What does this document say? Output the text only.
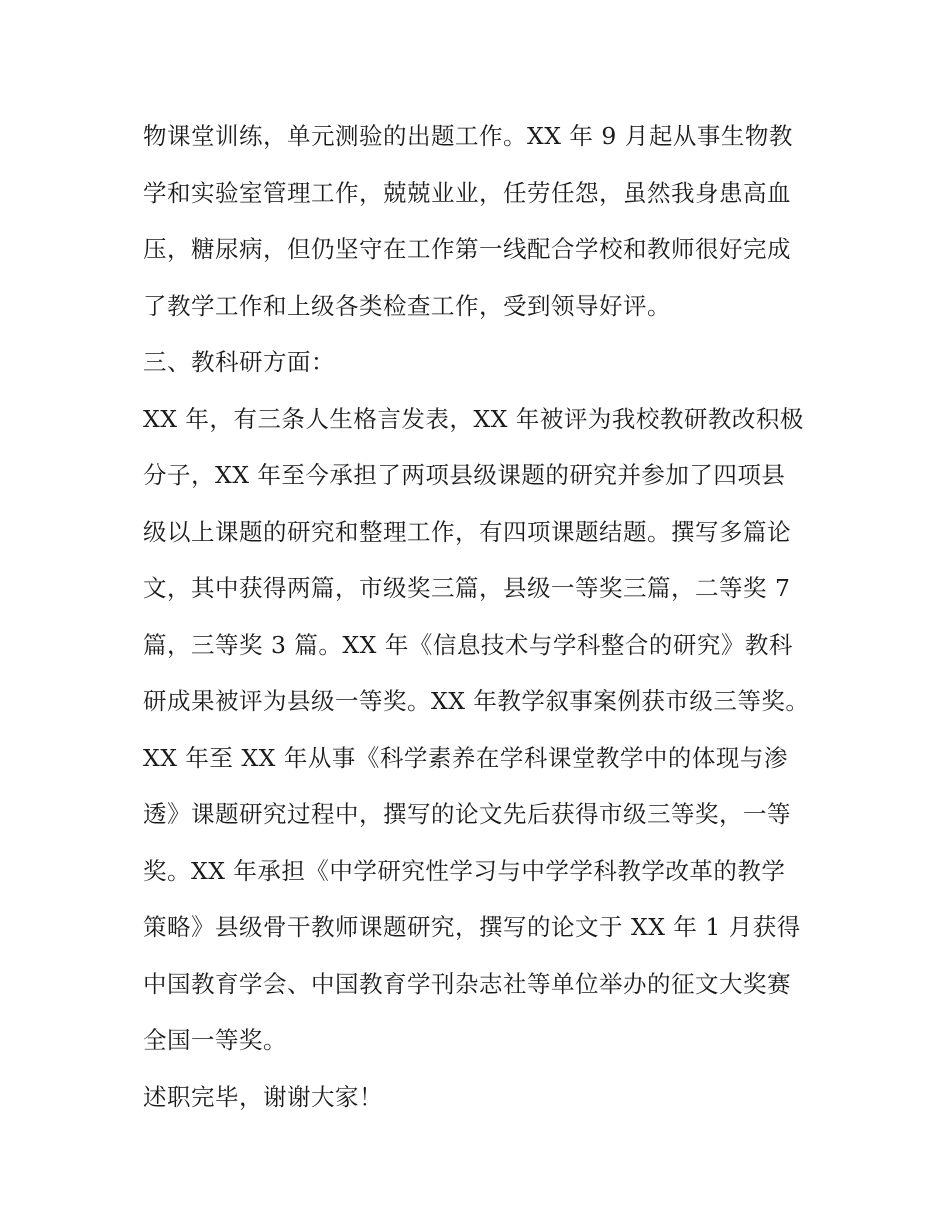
物课堂训练，单元测验的出题工作。XX 年 9 月起从事生物教
学和实验室管理工作，兢兢业业，任劳任怨，虽然我身患高血
压，糖尿病，但仍坚守在工作第一线配合学校和教师很好完成
了教学工作和上级各类检查工作，受到领导好评。
三、教科研方面：
XX 年，有三条人生格言发表，XX 年被评为我校教研教改积极
分子，XX 年至今承担了两项县级课题的研究并参加了四项县
级以上课题的研究和整理工作，有四项课题结题。撰写多篇论
文，其中获得两篇，市级奖三篇，县级一等奖三篇，二等奖 7
篇，三等奖 3 篇。XX 年《信息技术与学科整合的研究》教科
研成果被评为县级一等奖。XX 年教学叙事案例获市级三等奖。
XX 年至 XX 年从事《科学素养在学科课堂教学中的体现与渗
透》课题研究过程中，撰写的论文先后获得市级三等奖，一等
奖。XX 年承担《中学研究性学习与中学学科教学改革的教学
策略》县级骨干教师课题研究，撰写的论文于 XX 年 1 月获得
中国教育学会、中国教育学刊杂志社等单位举办的征文大奖赛
全国一等奖。
述职完毕，谢谢大家！
